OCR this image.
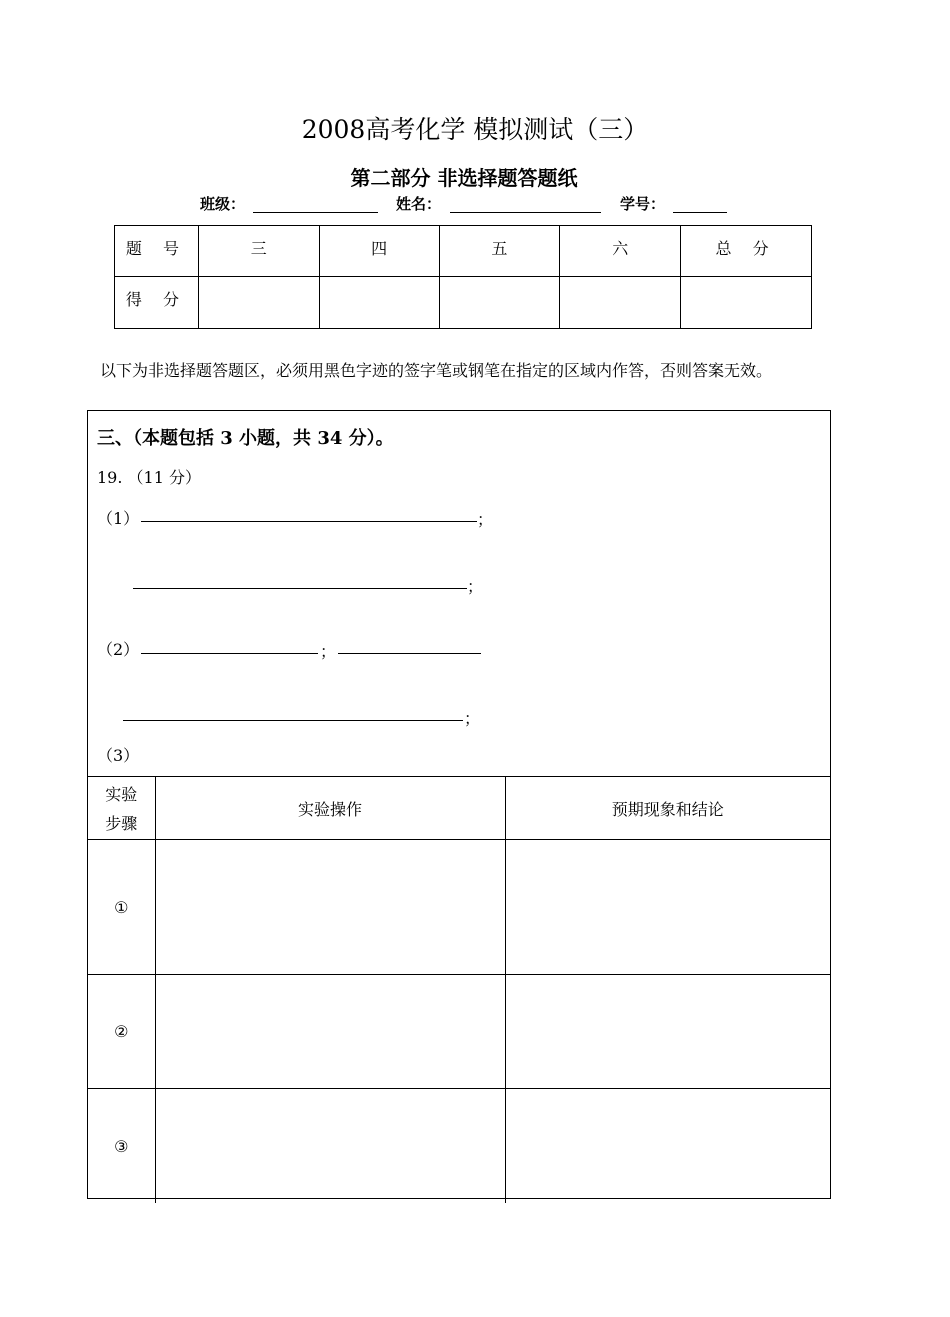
2008高考化学 模拟测试（三）
第二部分 非选择题答题纸
班级：	姓名：	学号：
题 号	三	四	五	六	总 分
得 分					
以下为非选择题答题区，必须用黑色字迹的签字笔或钢笔在指定的区域内作答，否则答案无效。
三、（本题包括 3 小题，共 34 分）。
19. （11 分）
（1）	；
；
（2）	；
；
（3）
实验
步骤	实验操作	预期现象和结论
①		
②		
③		
